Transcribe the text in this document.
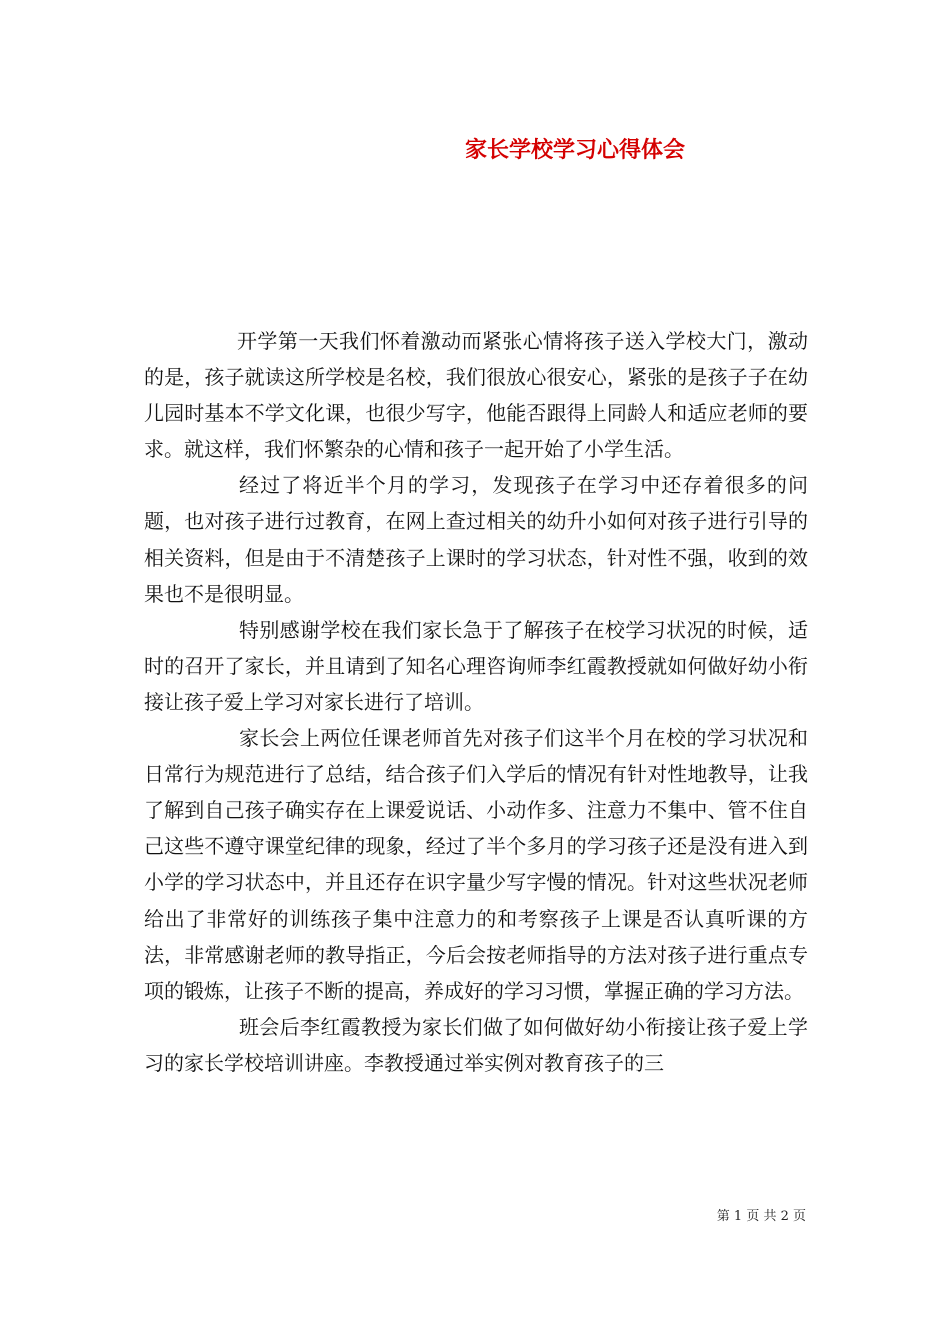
家长学校学习心得体会

开学第一天我们怀着激动而紧张心情将孩子送入学校大门，激动的是，孩子就读这所学校是名校，我们很放心很安心，紧张的是孩子子在幼儿园时基本不学文化课，也很少写字，他能否跟得上同龄人和适应老师的要求。就这样，我们怀繁杂的心情和孩子一起开始了小学生活。

经过了将近半个月的学习，发现孩子在学习中还存着很多的问题，也对孩子进行过教育，在网上查过相关的幼升小如何对孩子进行引导的相关资料，但是由于不清楚孩子上课时的学习状态，针对性不强，收到的效果也不是很明显。

特别感谢学校在我们家长急于了解孩子在校学习状况的时候，适时的召开了家长，并且请到了知名心理咨询师李红霞教授就如何做好幼小衔接让孩子爱上学习对家长进行了培训。

家长会上两位任课老师首先对孩子们这半个月在校的学习状况和日常行为规范进行了总结，结合孩子们入学后的情况有针对性地教导，让我了解到自己孩子确实存在上课爱说话、小动作多、注意力不集中、管不住自己这些不遵守课堂纪律的现象，经过了半个多月的学习孩子还是没有进入到小学的学习状态中，并且还存在识字量少写字慢的情况。针对这些状况老师给出了非常好的训练孩子集中注意力的和考察孩子上课是否认真听课的方法，非常感谢老师的教导指正，今后会按老师指导的方法对孩子进行重点专项的锻炼，让孩子不断的提高，养成好的学习习惯，掌握正确的学习方法。

班会后李红霞教授为家长们做了如何做好幼小衔接让孩子爱上学习的家长学校培训讲座。李教授通过举实例对教育孩子的三

第 1 页 共 2 页
